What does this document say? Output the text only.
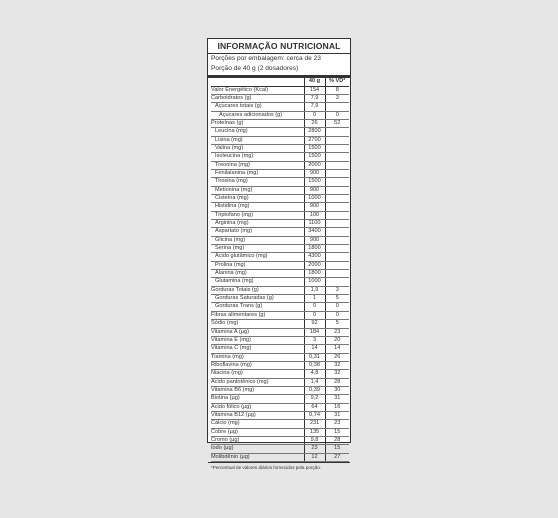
INFORMAÇÃO NUTRICIONAL
Porções por embalagem: cerca de 23
Porção de 40 g (2 dosadores)
	40 g	% VD*
Valor Energético (Kcal)	154	8
Carboidratos (g)	7,9	3
Açucares totais (g)	7,9	
Açucares adicionados (g)	0	0
Proteínas (g)	26	52
Leucina (mg)	2800	
Lisina (mg)	2700	
Valina (mg)	1500	
Isoleucina (mg)	1500	
Treonina (mg)	2000	
Fenilalanina (mg)	900	
Tirosina (mg)	1500	
Metionina (mg)	900	
Cisteína (mg)	1000	
Histidina (mg)	900	
Triptofano (mg)	100	
Arginina (mg)	1100	
Aspartato (mg)	3400	
Glicina (mg)	900	
Serina (mg)	1800	
Ácido glutâmico (mg)	4300	
Prolina (mg)	2000	
Alanina (mg)	1800	
Glutamina (mg)	1000	
Gorduras Totais (g)	1,9	3
Gorduras Saturadas (g)	1	5
Gorduras Trans (g)	0	0
Fibras alimentares (g)	0	0
Sódio (mg)	92	5
Vitamina A (µg)	184	23
Vitamina E (mg)	3	20
Vitamina C (mg)	14	14
Tiamina (mg)	0,31	26
Riboflavina (mg)	0,38	32
Niacina (mg)	4,8	32
Ácido pantotênico (mg)	1,4	28
Vitamina B6 (mg)	0,39	30
Biotina (µg)	9,2	31
Ácido fólico (µg)	64	16
Vitamina B12 (µg)	0,74	31
Cálcio (mg)	231	23
Cobre (µg)	135	15
Cromo (µg)	9,8	28
Iodo (µg)	23	15
Molibdênio (µg)	12	27
*Percentual de valores diários fornecidos pela porção.
